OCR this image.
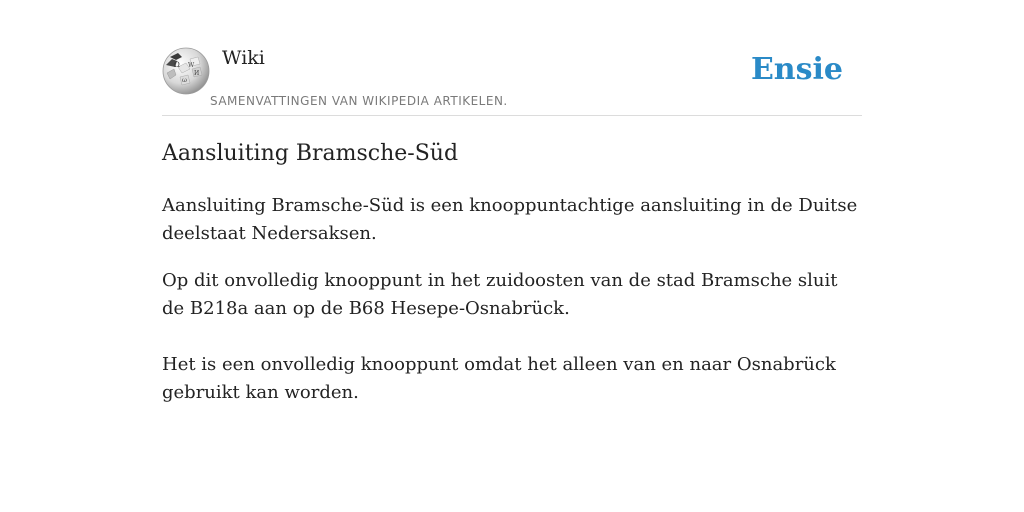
Ω W
И
ω
Wiki
SAMENVATTINGEN VAN WIKIPEDIA ARTIKELEN.
Ensie
Aansluiting Bramsche-Süd

Aansluiting Bramsche-Süd is een knooppuntachtige aansluiting in de Duitse deelstaat Nedersaksen.

Op dit onvolledig knooppunt in het zuidoosten van de stad Bramsche sluit de B218a aan op de B68 Hesepe-Osnabrück.

Het is een onvolledig knooppunt omdat het alleen van en naar Osnabrück gebruikt kan worden.
